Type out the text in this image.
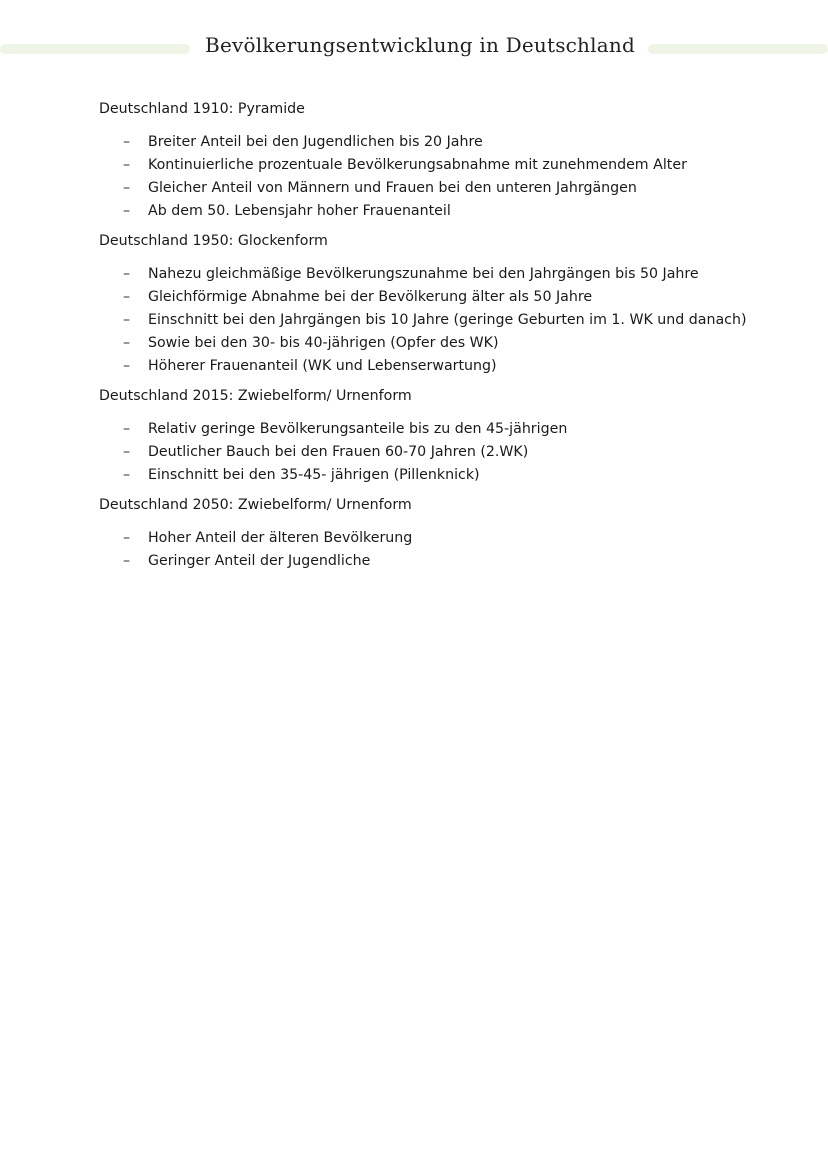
Bevölkerungsentwicklung in Deutschland
Deutschland 1910: Pyramide
– Breiter Anteil bei den Jugendlichen bis 20 Jahre
– Kontinuierliche prozentuale Bevölkerungsabnahme mit zunehmendem Alter
– Gleicher Anteil von Männern und Frauen bei den unteren Jahrgängen
– Ab dem 50. Lebensjahr hoher Frauenanteil
Deutschland 1950: Glockenform
– Nahezu gleichmäßige Bevölkerungszunahme bei den Jahrgängen bis 50 Jahre
– Gleichförmige Abnahme bei der Bevölkerung älter als 50 Jahre
– Einschnitt bei den Jahrgängen bis 10 Jahre (geringe Geburten im 1. WK und danach)
– Sowie bei den 30- bis 40-jährigen (Opfer des WK)
– Höherer Frauenanteil (WK und Lebenserwartung)
Deutschland 2015: Zwiebelform/ Urnenform
– Relativ geringe Bevölkerungsanteile bis zu den 45-jährigen
– Deutlicher Bauch bei den Frauen 60-70 Jahren (2.WK)
– Einschnitt bei den 35-45- jährigen (Pillenknick)
Deutschland 2050: Zwiebelform/ Urnenform
– Hoher Anteil der älteren Bevölkerung
– Geringer Anteil der Jugendliche
